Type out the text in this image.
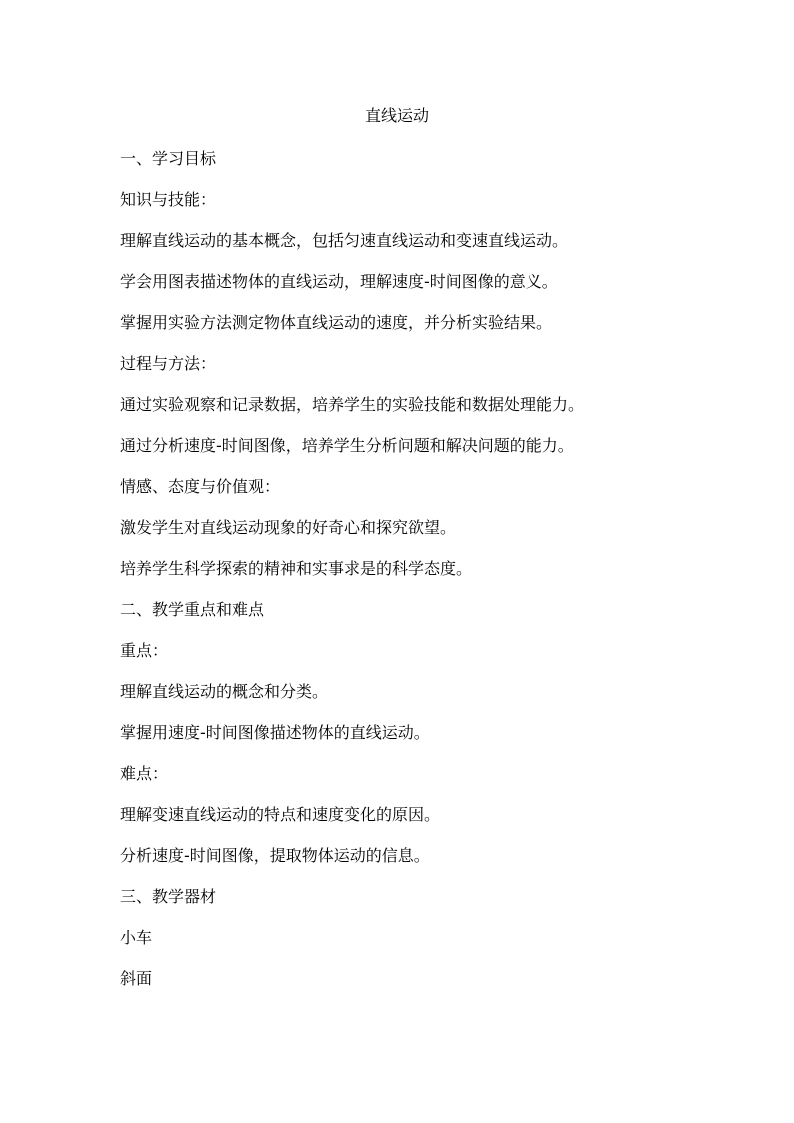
直线运动
一、学习目标
知识与技能：
理解直线运动的基本概念，包括匀速直线运动和变速直线运动。
学会用图表描述物体的直线运动，理解速度-时间图像的意义。
掌握用实验方法测定物体直线运动的速度，并分析实验结果。
过程与方法：
通过实验观察和记录数据，培养学生的实验技能和数据处理能力。
通过分析速度-时间图像，培养学生分析问题和解决问题的能力。
情感、态度与价值观：
激发学生对直线运动现象的好奇心和探究欲望。
培养学生科学探索的精神和实事求是的科学态度。
二、教学重点和难点
重点：
理解直线运动的概念和分类。
掌握用速度-时间图像描述物体的直线运动。
难点：
理解变速直线运动的特点和速度变化的原因。
分析速度-时间图像，提取物体运动的信息。
三、教学器材
小车
斜面
